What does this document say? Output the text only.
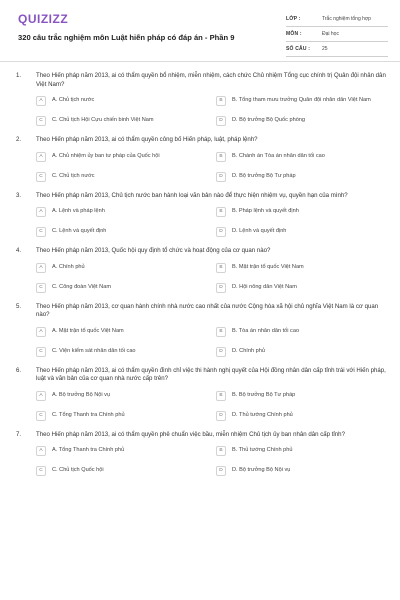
QUIZIZZ
320 câu trắc nghiệm môn Luật hiến pháp có đáp án - Phần 9
LỚP :	Trắc nghiệm tổng hợp
MÔN :	Đại học
SỐ CÂU :	25
1.	Theo Hiến pháp năm 2013, ai có thẩm quyền bổ nhiệm, miễn nhiệm, cách chức Chủ nhiệm Tổng cục chính trị Quân đội nhân dân Việt Nam?
A	A. Chủ tịch nước	B	B. Tổng tham mưu trưởng Quân đội nhân dân Việt Nam
C	C. Chủ tịch Hội Cựu chiến binh Việt Nam	D	D. Bộ trưởng Bộ Quốc phòng
2.	Theo Hiến pháp năm 2013, ai có thẩm quyền công bố Hiến pháp, luật, pháp lệnh?
A	A. Chủ nhiệm ủy ban tư pháp của Quốc hội	B	B. Chánh án Tòa án nhân dân tối cao
C	C. Chủ tịch nước	D	D. Bộ trưởng Bộ Tư pháp
3.	Theo Hiến pháp năm 2013, Chủ tịch nước ban hành loại văn bản nào để thực hiện nhiệm vụ, quyền hạn của mình?
A	A. Lệnh và pháp lệnh	B	B. Pháp lệnh và quyết định
C	C. Lệnh và quyết định	D	D. Lệnh và quyết định
4.	Theo Hiến pháp năm 2013, Quốc hội quy định tổ chức và hoạt động của cơ quan nào?
A	A. Chính phủ	B	B. Mặt trận tổ quốc Việt Nam
C	C. Công đoàn Việt Nam	D	D. Hội nông dân Việt Nam
5.	Theo Hiến pháp năm 2013, cơ quan hành chính nhà nước cao nhất của nước Cộng hòa xã hội chủ nghĩa Việt Nam là cơ quan nào?
A	A. Mặt trận tổ quốc Việt Nam	B	B. Tòa án nhân dân tối cao
C	C. Viện kiểm sát nhân dân tối cao	D	D. Chính phủ
6.	Theo Hiến pháp năm 2013, ai có thẩm quyền đình chỉ việc thi hành nghị quyết của Hội đồng nhân dân cấp tỉnh trái với Hiến pháp, luật và văn bản của cơ quan nhà nước cấp trên?
A	A. Bộ trưởng Bộ Nội vụ	B	B. Bộ trưởng Bộ Tư pháp
C	C. Tổng Thanh tra Chính phủ	D	D. Thủ tướng Chính phủ
7.	Theo Hiến pháp năm 2013, ai có thẩm quyền phê chuẩn việc bầu, miễn nhiệm Chủ tịch ủy ban nhân dân cấp tỉnh?
A	A. Tổng Thanh tra Chính phủ	B	B. Thủ tướng Chính phủ
C	C. Chủ tịch Quốc hội	D	D. Bộ trưởng Bộ Nội vụ
